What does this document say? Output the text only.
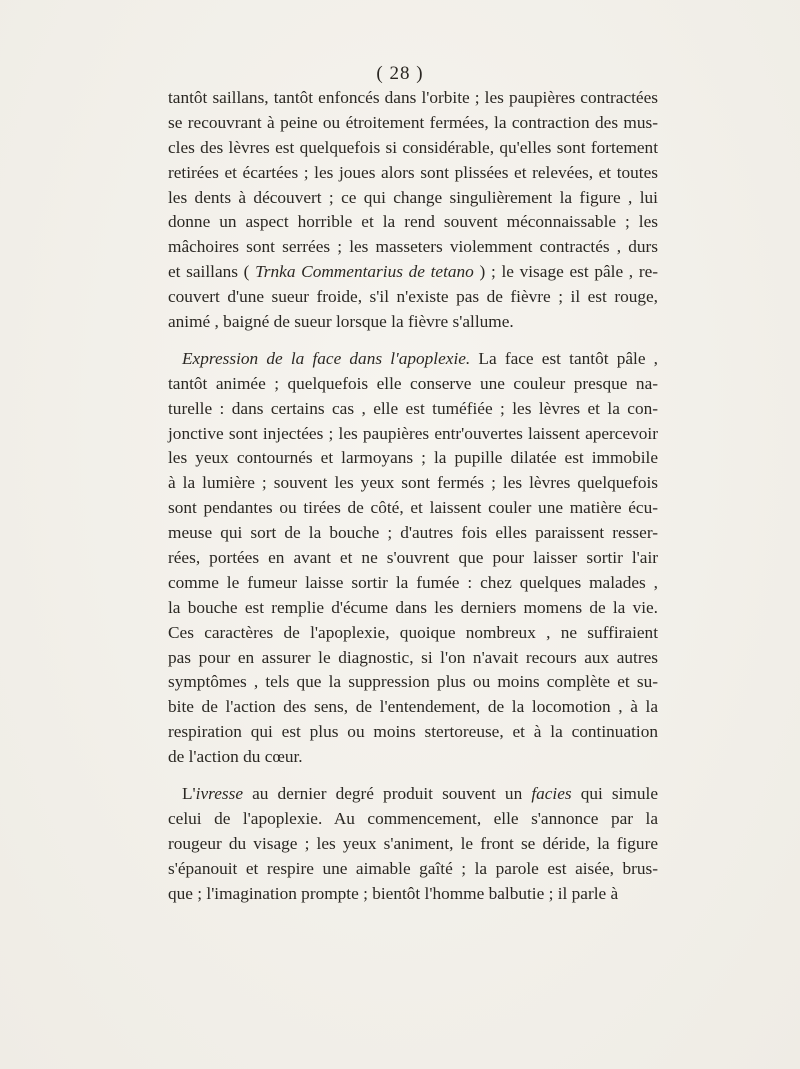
( 28 )
tantôt saillans, tantôt enfoncés dans l'orbite ; les paupières contractées
se recouvrant à peine ou étroitement fermées, la contraction des mus-
cles des lèvres est quelquefois si considérable, qu'elles sont fortement
retirées et écartées ; les joues alors sont plissées et relevées, et toutes
les dents à découvert ; ce qui change singulièrement la figure , lui
donne un aspect horrible et la rend souvent méconnaissable ; les
mâchoires sont serrées ; les masseters violemment contractés , durs
et saillans ( Trnka Commentarius de tetano ) ; le visage est pâle , re-
couvert d'une sueur froide, s'il n'existe pas de fièvre ; il est rouge,
animé , baigné de sueur lorsque la fièvre s'allume.
Expression de la face dans l'apoplexie. La face est tantôt pâle ,
tantôt animée ; quelquefois elle conserve une couleur presque na-
turelle : dans certains cas , elle est tuméfiée ; les lèvres et la con-
jonctive sont injectées ; les paupières entr'ouvertes laissent apercevoir
les yeux contournés et larmoyans ; la pupille dilatée est immobile
à la lumière ; souvent les yeux sont fermés ; les lèvres quelquefois
sont pendantes ou tirées de côté, et laissent couler une matière écu-
meuse qui sort de la bouche ; d'autres fois elles paraissent resser-
rées, portées en avant et ne s'ouvrent que pour laisser sortir l'air
comme le fumeur laisse sortir la fumée : chez quelques malades ,
la bouche est remplie d'écume dans les derniers momens de la vie.
Ces caractères de l'apoplexie, quoique nombreux , ne suffiraient
pas pour en assurer le diagnostic, si l'on n'avait recours aux autres
symptômes , tels que la suppression plus ou moins complète et su-
bite de l'action des sens, de l'entendement, de la locomotion , à la
respiration qui est plus ou moins stertoreuse, et à la continuation
de l'action du cœur.
L'ivresse au dernier degré produit souvent un facies qui simule
celui de l'apoplexie. Au commencement, elle s'annonce par la
rougeur du visage ; les yeux s'animent, le front se déride, la figure
s'épanouit et respire une aimable gaîté ; la parole est aisée, brus-
que ; l'imagination prompte ; bientôt l'homme balbutie ; il parle à
